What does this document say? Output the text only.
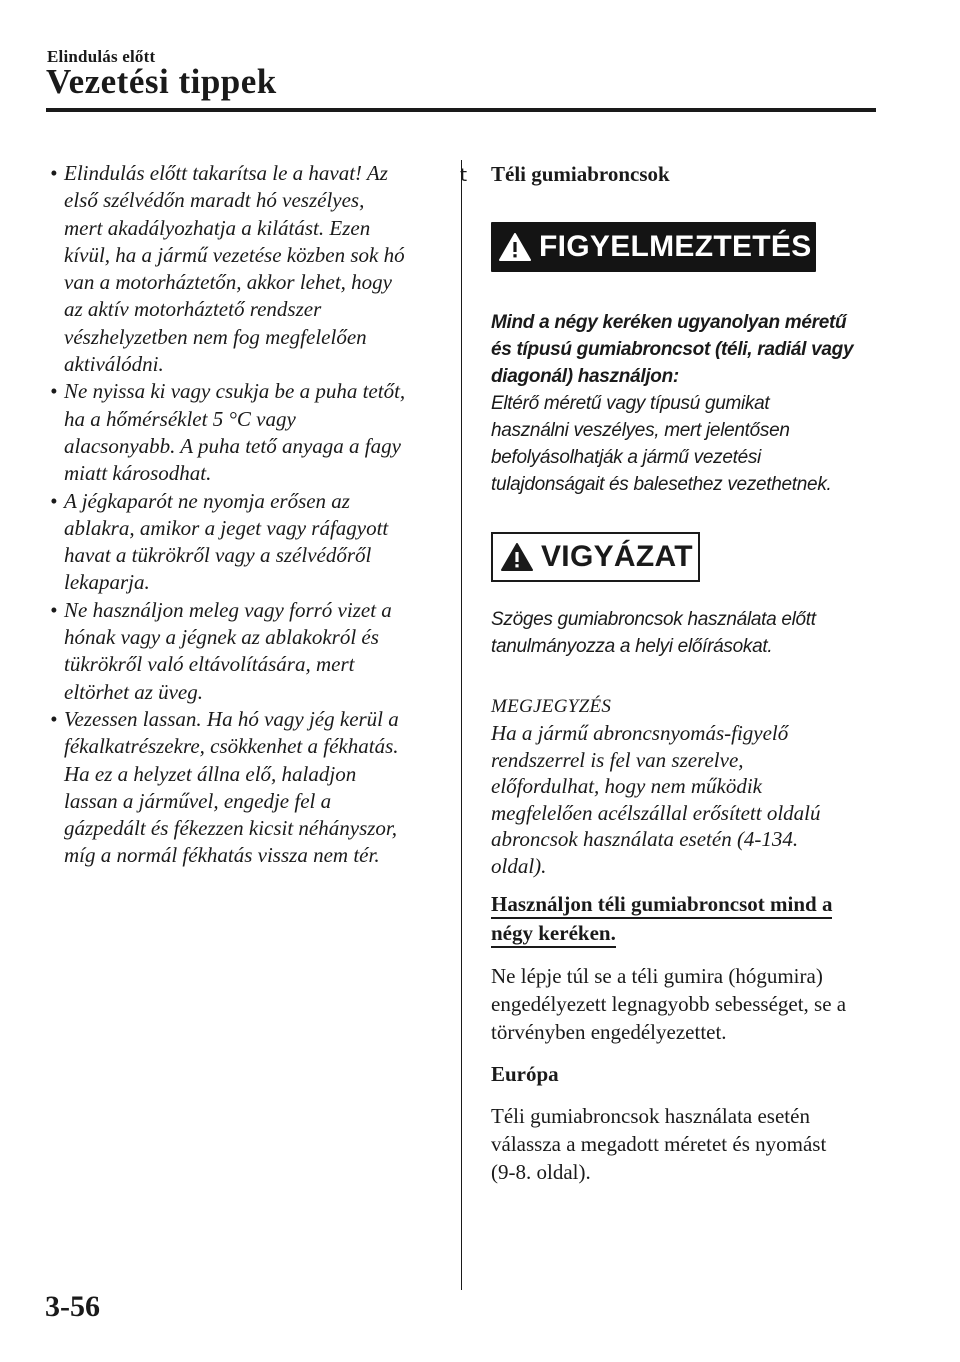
Elindulás előtt
Vezetési tippek
• Elindulás előtt takarítsa le a havat! Az
első szélvédőn maradt hó veszélyes,
mert akadályozhatja a kilátást. Ezen
kívül, ha a jármű vezetése közben sok hó
van a motorháztetőn, akkor lehet, hogy
az aktív motorháztető rendszer
vészhelyzetben nem fog megfelelően
aktiválódni.
• Ne nyissa ki vagy csukja be a puha tetőt,
ha a hőmérséklet 5 °C vagy
alacsonyabb. A puha tető anyaga a fagy
miatt károsodhat.
• A jégkaparót ne nyomja erősen az
ablakra, amikor a jeget vagy ráfagyott
havat a tükrökről vagy a szélvédőről
lekaparja.
• Ne használjon meleg vagy forró vizet a
hónak vagy a jégnek az ablakokról és
tükrökről való eltávolítására, mert
eltörhet az üveg.
• Vezessen lassan. Ha hó vagy jég kerül a
fékalkatrészekre, csökkenhet a fékhatás.
Ha ez a helyzet állna elő, haladjon
lassan a járművel, engedje fel a
gázpedált és fékezzen kicsit néhányszor,
míg a normál fékhatás vissza nem tér.
t Téli gumiabroncsok
FIGYELMEZTETÉS
Mind a négy keréken ugyanolyan méretű
és típusú gumiabroncsot (téli, radiál vagy
diagonál) használjon:
Eltérő méretű vagy típusú gumikat
használni veszélyes, mert jelentősen
befolyásolhatják a jármű vezetési
tulajdonságait és balesethez vezethetnek.
VIGYÁZAT
Szöges gumiabroncsok használata előtt
tanulmányozza a helyi előírásokat.
MEGJEGYZÉS
Ha a jármű abroncsnyomás-figyelő
rendszerrel is fel van szerelve,
előfordulhat, hogy nem működik
megfelelően acélszállal erősített oldalú
abroncsok használata esetén (4-134.
oldal).
Használjon téli gumiabroncsot mind a
négy keréken.
Ne lépje túl se a téli gumira (hógumira)
engedélyezett legnagyobb sebességet, se a
törvényben engedélyezettet.
Európa
Téli gumiabroncsok használata esetén
válassza a megadott méretet és nyomást
(9-8. oldal).
3-56
